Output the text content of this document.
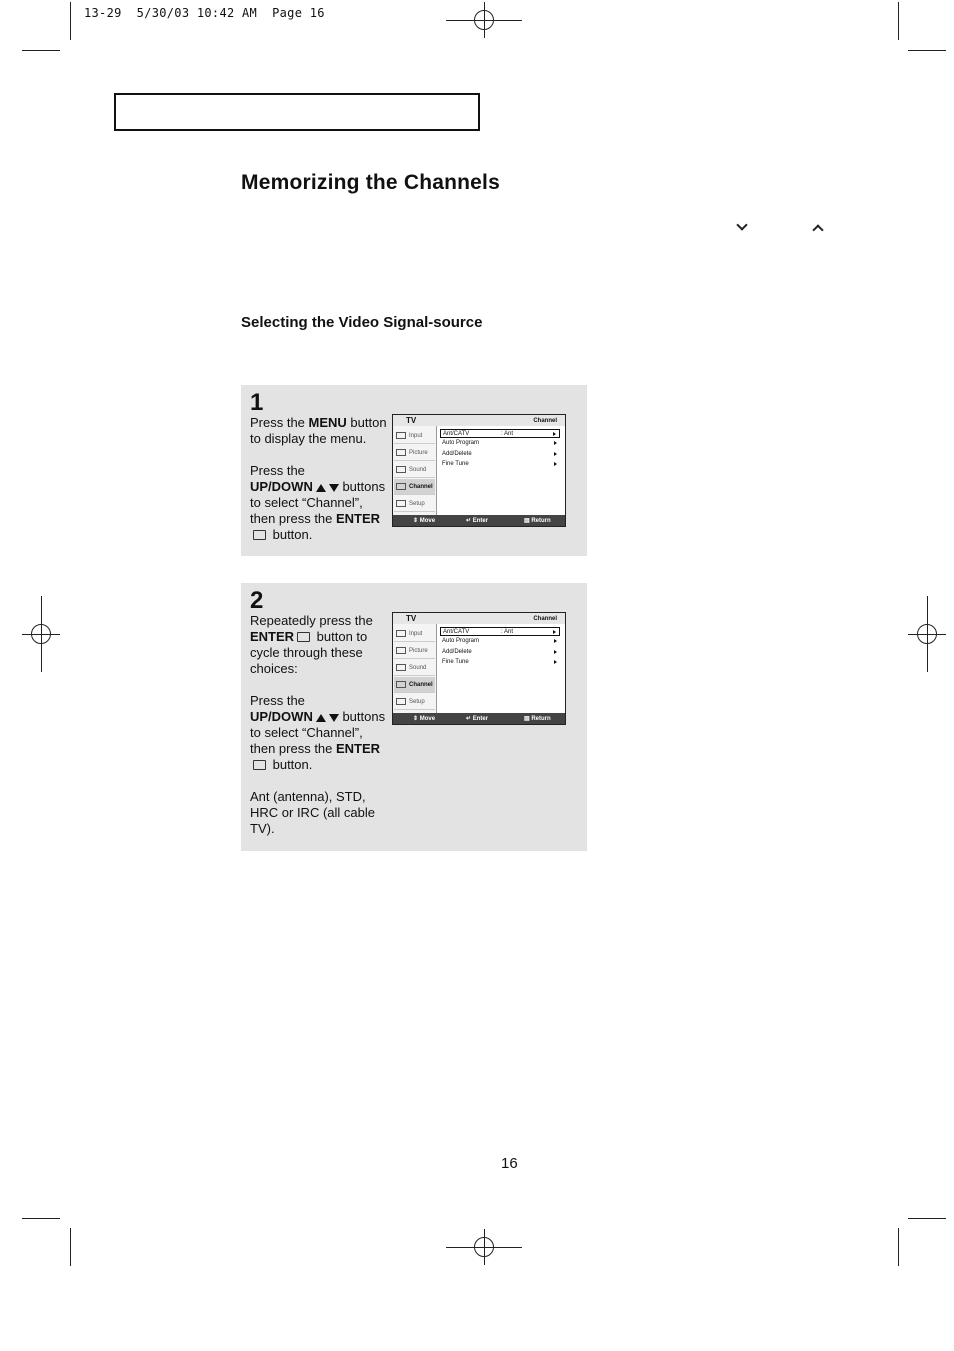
13-29  5/30/03 10:42 AM  Page 16
Memorizing the Channels
Selecting the Video Signal-source
1

Press the MENU button to display the menu.

Press the
UP/DOWN buttons to select “Channel”, then press the ENTER button.

TV	Channel
Input
Picture
Sound
Channel
Setup
Ant/CATV	: Ant
Auto Program
Add/Delete
Fine Tune
⇕ Move	↵ Enter	▤ Return
2

Repeatedly press the ENTER button to cycle through these choices:

Press the
UP/DOWN buttons to select “Channel”, then press the ENTER button.

Ant (antenna), STD, HRC or IRC (all cable TV).

TV	Channel
Input
Picture
Sound
Channel
Setup
Ant/CATV	: Ant
Auto Program
Add/Delete
Fine Tune
⇕ Move	↵ Enter	▤ Return
16
